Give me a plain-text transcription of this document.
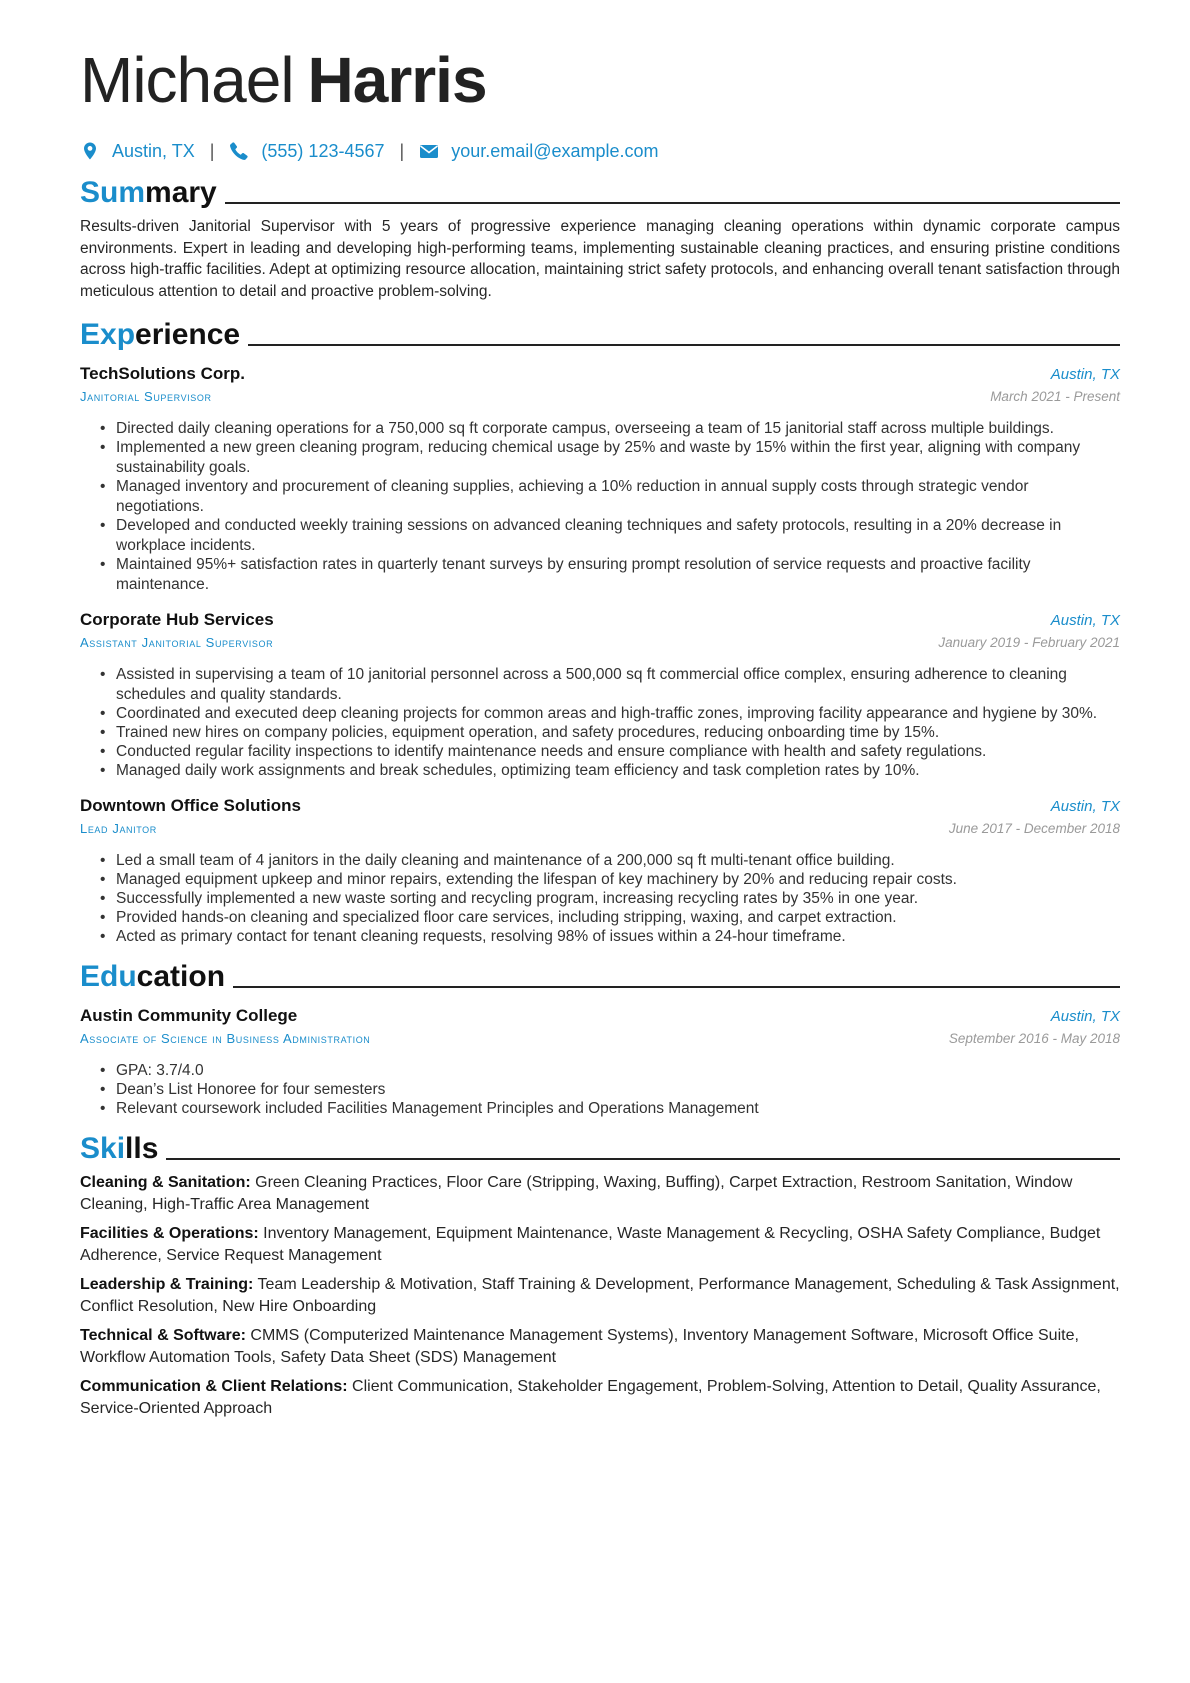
Michael Harris
Austin, TX |	(555) 123-4567 |	your.email@example.com
Summary
Results-driven Janitorial Supervisor with 5 years of progressive experience managing cleaning operations within dynamic corporate campus environments. Expert in leading and developing high-performing teams, implementing sustainable cleaning practices, and ensuring pristine conditions across high-traffic facilities. Adept at optimizing resource allocation, maintaining strict safety protocols, and enhancing overall tenant satisfaction through meticulous attention to detail and proactive problem-solving.
Experience
TechSolutions Corp.	Austin, TX
Janitorial Supervisor	March 2021 - Present
• Directed daily cleaning operations for a 750,000 sq ft corporate campus, overseeing a team of 15 janitorial staff across multiple buildings.
• Implemented a new green cleaning program, reducing chemical usage by 25% and waste by 15% within the first year, aligning with company sustainability goals.
• Managed inventory and procurement of cleaning supplies, achieving a 10% reduction in annual supply costs through strategic vendor negotiations.
• Developed and conducted weekly training sessions on advanced cleaning techniques and safety protocols, resulting in a 20% decrease in workplace incidents.
• Maintained 95%+ satisfaction rates in quarterly tenant surveys by ensuring prompt resolution of service requests and proactive facility maintenance.
Corporate Hub Services	Austin, TX
Assistant Janitorial Supervisor	January 2019 - February 2021
• Assisted in supervising a team of 10 janitorial personnel across a 500,000 sq ft commercial office complex, ensuring adherence to cleaning schedules and quality standards.
• Coordinated and executed deep cleaning projects for common areas and high-traffic zones, improving facility appearance and hygiene by 30%.
• Trained new hires on company policies, equipment operation, and safety procedures, reducing onboarding time by 15%.
• Conducted regular facility inspections to identify maintenance needs and ensure compliance with health and safety regulations.
• Managed daily work assignments and break schedules, optimizing team efficiency and task completion rates by 10%.
Downtown Office Solutions	Austin, TX
Lead Janitor	June 2017 - December 2018
• Led a small team of 4 janitors in the daily cleaning and maintenance of a 200,000 sq ft multi-tenant office building.
• Managed equipment upkeep and minor repairs, extending the lifespan of key machinery by 20% and reducing repair costs.
• Successfully implemented a new waste sorting and recycling program, increasing recycling rates by 35% in one year.
• Provided hands-on cleaning and specialized floor care services, including stripping, waxing, and carpet extraction.
• Acted as primary contact for tenant cleaning requests, resolving 98% of issues within a 24-hour timeframe.
Education
Austin Community College	Austin, TX
Associate of Science in Business Administration	September 2016 - May 2018
• GPA: 3.7/4.0
• Dean’s List Honoree for four semesters
• Relevant coursework included Facilities Management Principles and Operations Management
Skills
Cleaning & Sanitation: Green Cleaning Practices, Floor Care (Stripping, Waxing, Buffing), Carpet Extraction, Restroom Sanitation, Window Cleaning, High-Traffic Area Management
Facilities & Operations: Inventory Management, Equipment Maintenance, Waste Management & Recycling, OSHA Safety Compliance, Budget Adherence, Service Request Management
Leadership & Training: Team Leadership & Motivation, Staff Training & Development, Performance Management, Scheduling & Task Assignment, Conflict Resolution, New Hire Onboarding
Technical & Software: CMMS (Computerized Maintenance Management Systems), Inventory Management Software, Microsoft Office Suite, Workflow Automation Tools, Safety Data Sheet (SDS) Management
Communication & Client Relations: Client Communication, Stakeholder Engagement, Problem-Solving, Attention to Detail, Quality Assurance, Service-Oriented Approach
